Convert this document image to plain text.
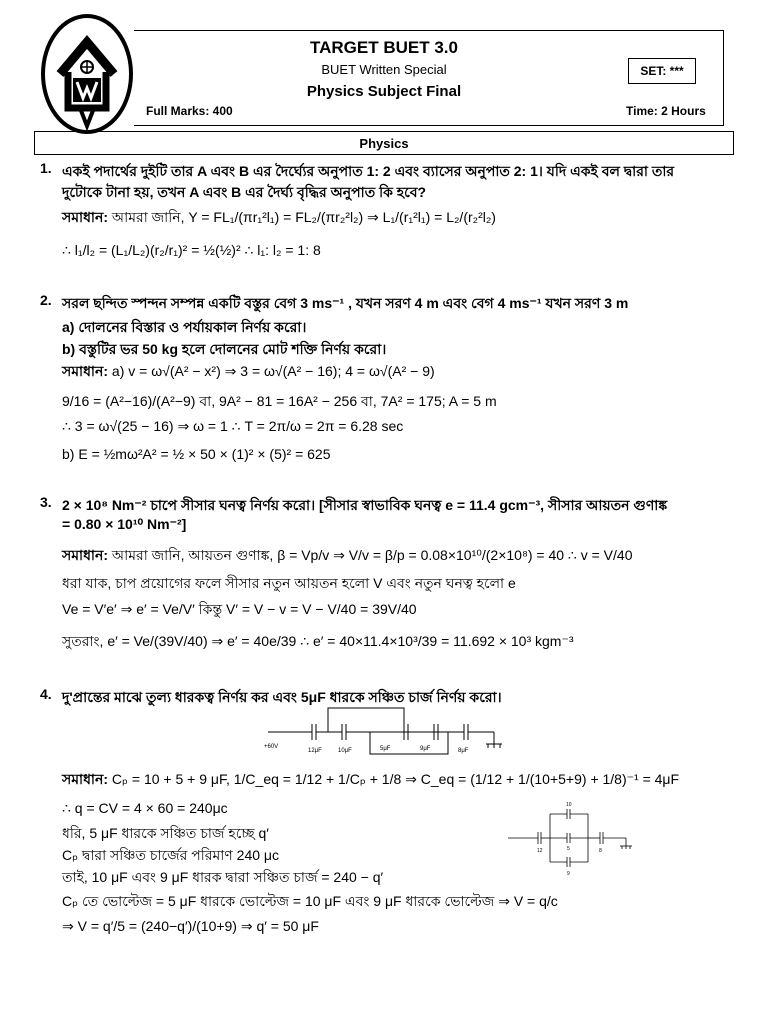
TARGET BUET 3.0
BUET Written Special
Physics Subject Final
SET: ***
Full Marks: 400	Time: 2 Hours
Physics
1. একই পদার্থের দুইটি তার A এবং B এর দৈর্ঘ্যের অনুপাত 1: 2 এবং ব্যাসের অনুপাত 2: 1। যদি একই বল দ্বারা তার
দুটোকে টানা হয়, তখন A এবং B এর দৈর্ঘ্য বৃদ্ধির অনুপাত কি হবে?
সমাধান: আমরা জানি, Y = FL₁/(πr₁²l₁) = FL₂/(πr₂²l₂) ⇒ L₁/(r₁²l₁) = L₂/(r₂²l₂)
∴ l₁/l₂ = (L₁/L₂)(r₂/r₁)² = ½(½)² ∴ l₁: l₂ = 1: 8
2. সরল ছন্দিত স্পন্দন সম্পন্ন একটি বস্তুর বেগ 3 ms⁻¹ , যখন সরণ 4 m এবং বেগ 4 ms⁻¹ যখন সরণ 3 m
a) দোলনের বিস্তার ও পর্যায়কাল নির্ণয় করো।
b) বস্তুটির ভর 50 kg হলে দোলনের মোট শক্তি নির্ণয় করো।
সমাধান: a) v = ω√(A² − x²) ⇒ 3 = ω√(A² − 16); 4 = ω√(A² − 9)
9/16 = (A²−16)/(A²−9) বা, 9A² − 81 = 16A² − 256 বা, 7A² = 175; A = 5 m
∴ 3 = ω√(25 − 16) ⇒ ω = 1 ∴ T = 2π/ω = 2π = 6.28 sec
b) E = ½mω²A² = ½ × 50 × (1)² × (5)² = 625
3. 2 × 10⁸ Nm⁻² চাপে সীসার ঘনত্ব নির্ণয় করো। [সীসার স্বাভাবিক ঘনত্ব e = 11.4 gcm⁻³, সীসার আয়তন গুণাঙ্ক
= 0.80 × 10¹⁰ Nm⁻²]
সমাধান: আমরা জানি, আয়তন গুণাঙ্ক, β = Vp/v ⇒ V/v = β/p = 0.08×10¹⁰/(2×10⁸) = 40 ∴ v = V/40
ধরা যাক, চাপ প্রয়োগের ফলে সীসার নতুন আয়তন হলো V এবং নতুন ঘনত্ব হলো e
Ve = V′e′ ⇒ e′ = Ve/V′ কিন্তু V′ = V − v = V − V/40 = 39V/40
সুতরাং, e′ = Ve/(39V/40) ⇒ e′ = 40e/39 ∴ e′ = 40×11.4×10³/39 = 11.692 × 10³ kgm⁻³
4. দু'প্রান্তের মাঝে তুল্য ধারকত্ব নির্ণয় কর এবং 5μF ধারকে সঞ্চিত চার্জ নির্ণয় করো।
+60V
12μF	10μF	5μF	9μF	8μF
সমাধান: Cₚ = 10 + 5 + 9 μF, 1/C_eq = 1/12 + 1/Cₚ + 1/8 ⇒ C_eq = (1/12 + 1/(10+5+9) + 1/8)⁻¹ = 4μF
∴ q = CV = 4 × 60 = 240μc
ধরি, 5 μF ধারকে সঞ্চিত চার্জ হচ্ছে q′
Cₚ দ্বারা সঞ্চিত চার্জের পরিমাণ 240 μc
তাই, 10 μF এবং 9 μF ধারক দ্বারা সঞ্চিত চার্জ = 240 − q′
Cₚ তে ভোল্টেজ = 5 μF ধারকে ভোল্টেজ = 10 μF এবং 9 μF ধারকে ভোল্টেজ ⇒ V = q/c
⇒ V = q′/5 = (240−q′)/(10+9) ⇒ q′ = 50 μF
10
12	5	8
9
